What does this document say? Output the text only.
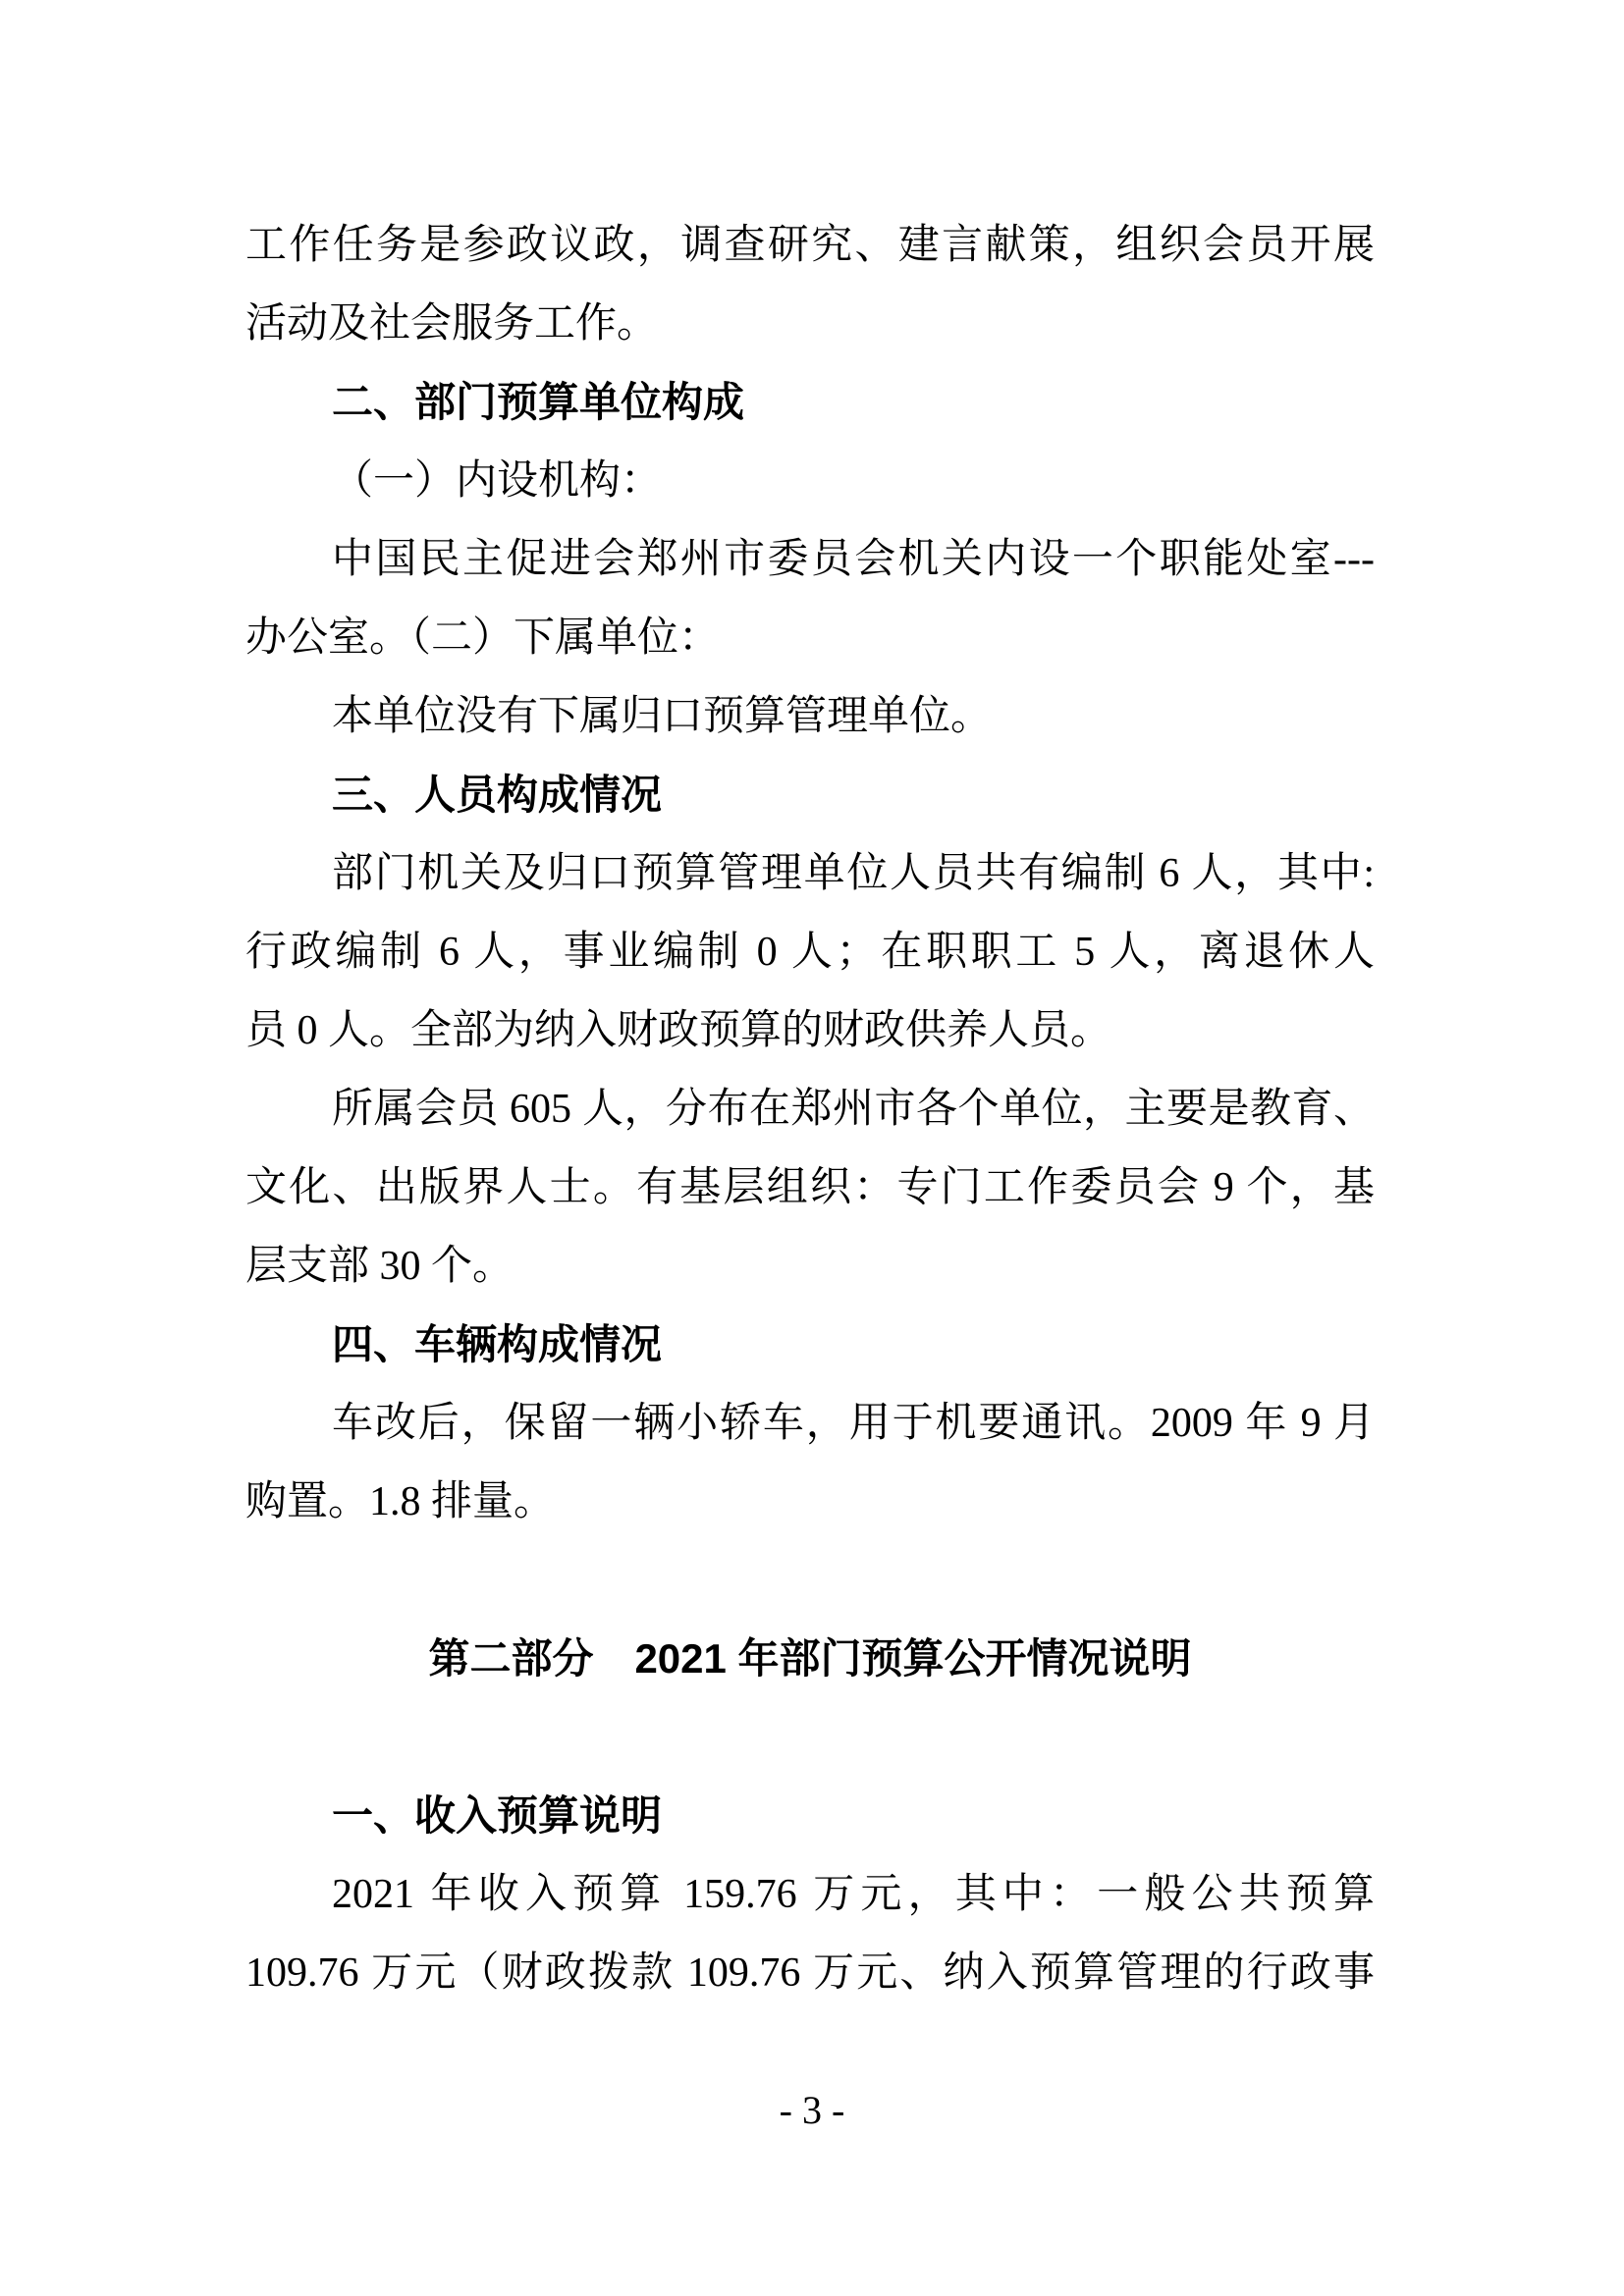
工作任务是参政议政，调查研究、建言献策，组织会员开展
活动及社会服务工作。
二、部门预算单位构成
（一）内设机构：
中国民主促进会郑州市委员会机关内设一个职能处室---
办公室。（二）下属单位：
本单位没有下属归口预算管理单位。
三、人员构成情况
部门机关及归口预算管理单位人员共有编制 6 人，其中:
行政编制 6 人，事业编制 0 人；在职职工 5 人，离退休人
员 0 人。全部为纳入财政预算的财政供养人员。
所属会员 605 人，分布在郑州市各个单位，主要是教育、
文化、出版界人士。有基层组织：专门工作委员会 9 个，基
层支部 30 个。
四、车辆构成情况
车改后，保留一辆小轿车，用于机要通讯。2009 年 9 月
购置。1.8 排量。
第二部分　2021 年部门预算公开情况说明
一、收入预算说明
2021 年收入预算 159.76 万元，其中：一般公共预算
109.76 万元（财政拨款 109.76 万元、纳入预算管理的行政事
- 3 -
